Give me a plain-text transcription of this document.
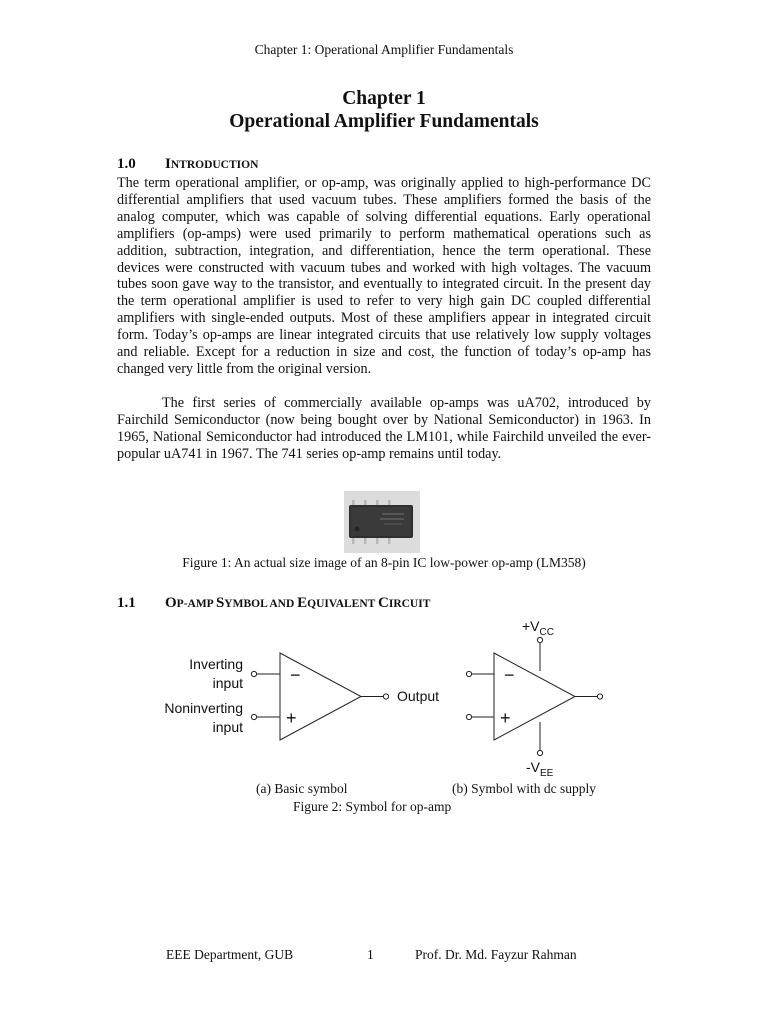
Chapter 1: Operational Amplifier Fundamentals
Chapter 1
Operational Amplifier Fundamentals
1.0 INTRODUCTION

The term operational amplifier, or op-amp, was originally applied to high-performance DC differential amplifiers that used vacuum tubes. These amplifiers formed the basis of the analog computer, which was capable of solving differential equations. Early operational amplifiers (op-amps) were used primarily to perform mathematical operations such as addition, subtraction, integration, and differentiation, hence the term operational. These devices were constructed with vacuum tubes and worked with high voltages. The vacuum tubes soon gave way to the transistor, and eventually to integrated circuit. In the present day the term operational amplifier is used to refer to very high gain DC coupled differential amplifiers with single-ended outputs. Most of these amplifiers appear in integrated circuit form. Today’s op-amps are linear integrated circuits that use relatively low supply voltages and reliable. Except for a reduction in size and cost, the function of today’s op-amp has changed very little from the original version.

The first series of commercially available op-amps was uA702, introduced by Fairchild Semiconductor (now being bought over by National Semiconductor) in 1963. In 1965, National Semiconductor had introduced the LM101, while Fairchild unveiled the ever-popular uA741 in 1967. The 741 series op-amp remains until today.

Figure 1: An actual size image of an 8-pin IC low-power op-amp (LM358)
1.1 OP-AMP SYMBOL AND EQUIVALENT CIRCUIT
Inverting
input
Noninverting
input
Output
−
+
−
+
$+V_{CC}$
$-V_{EE}$
(a) Basic symbol	(b) Symbol with dc supply
Figure 2: Symbol for op-amp
EEE Department, GUB	1	Prof. Dr. Md. Fayzur Rahman
